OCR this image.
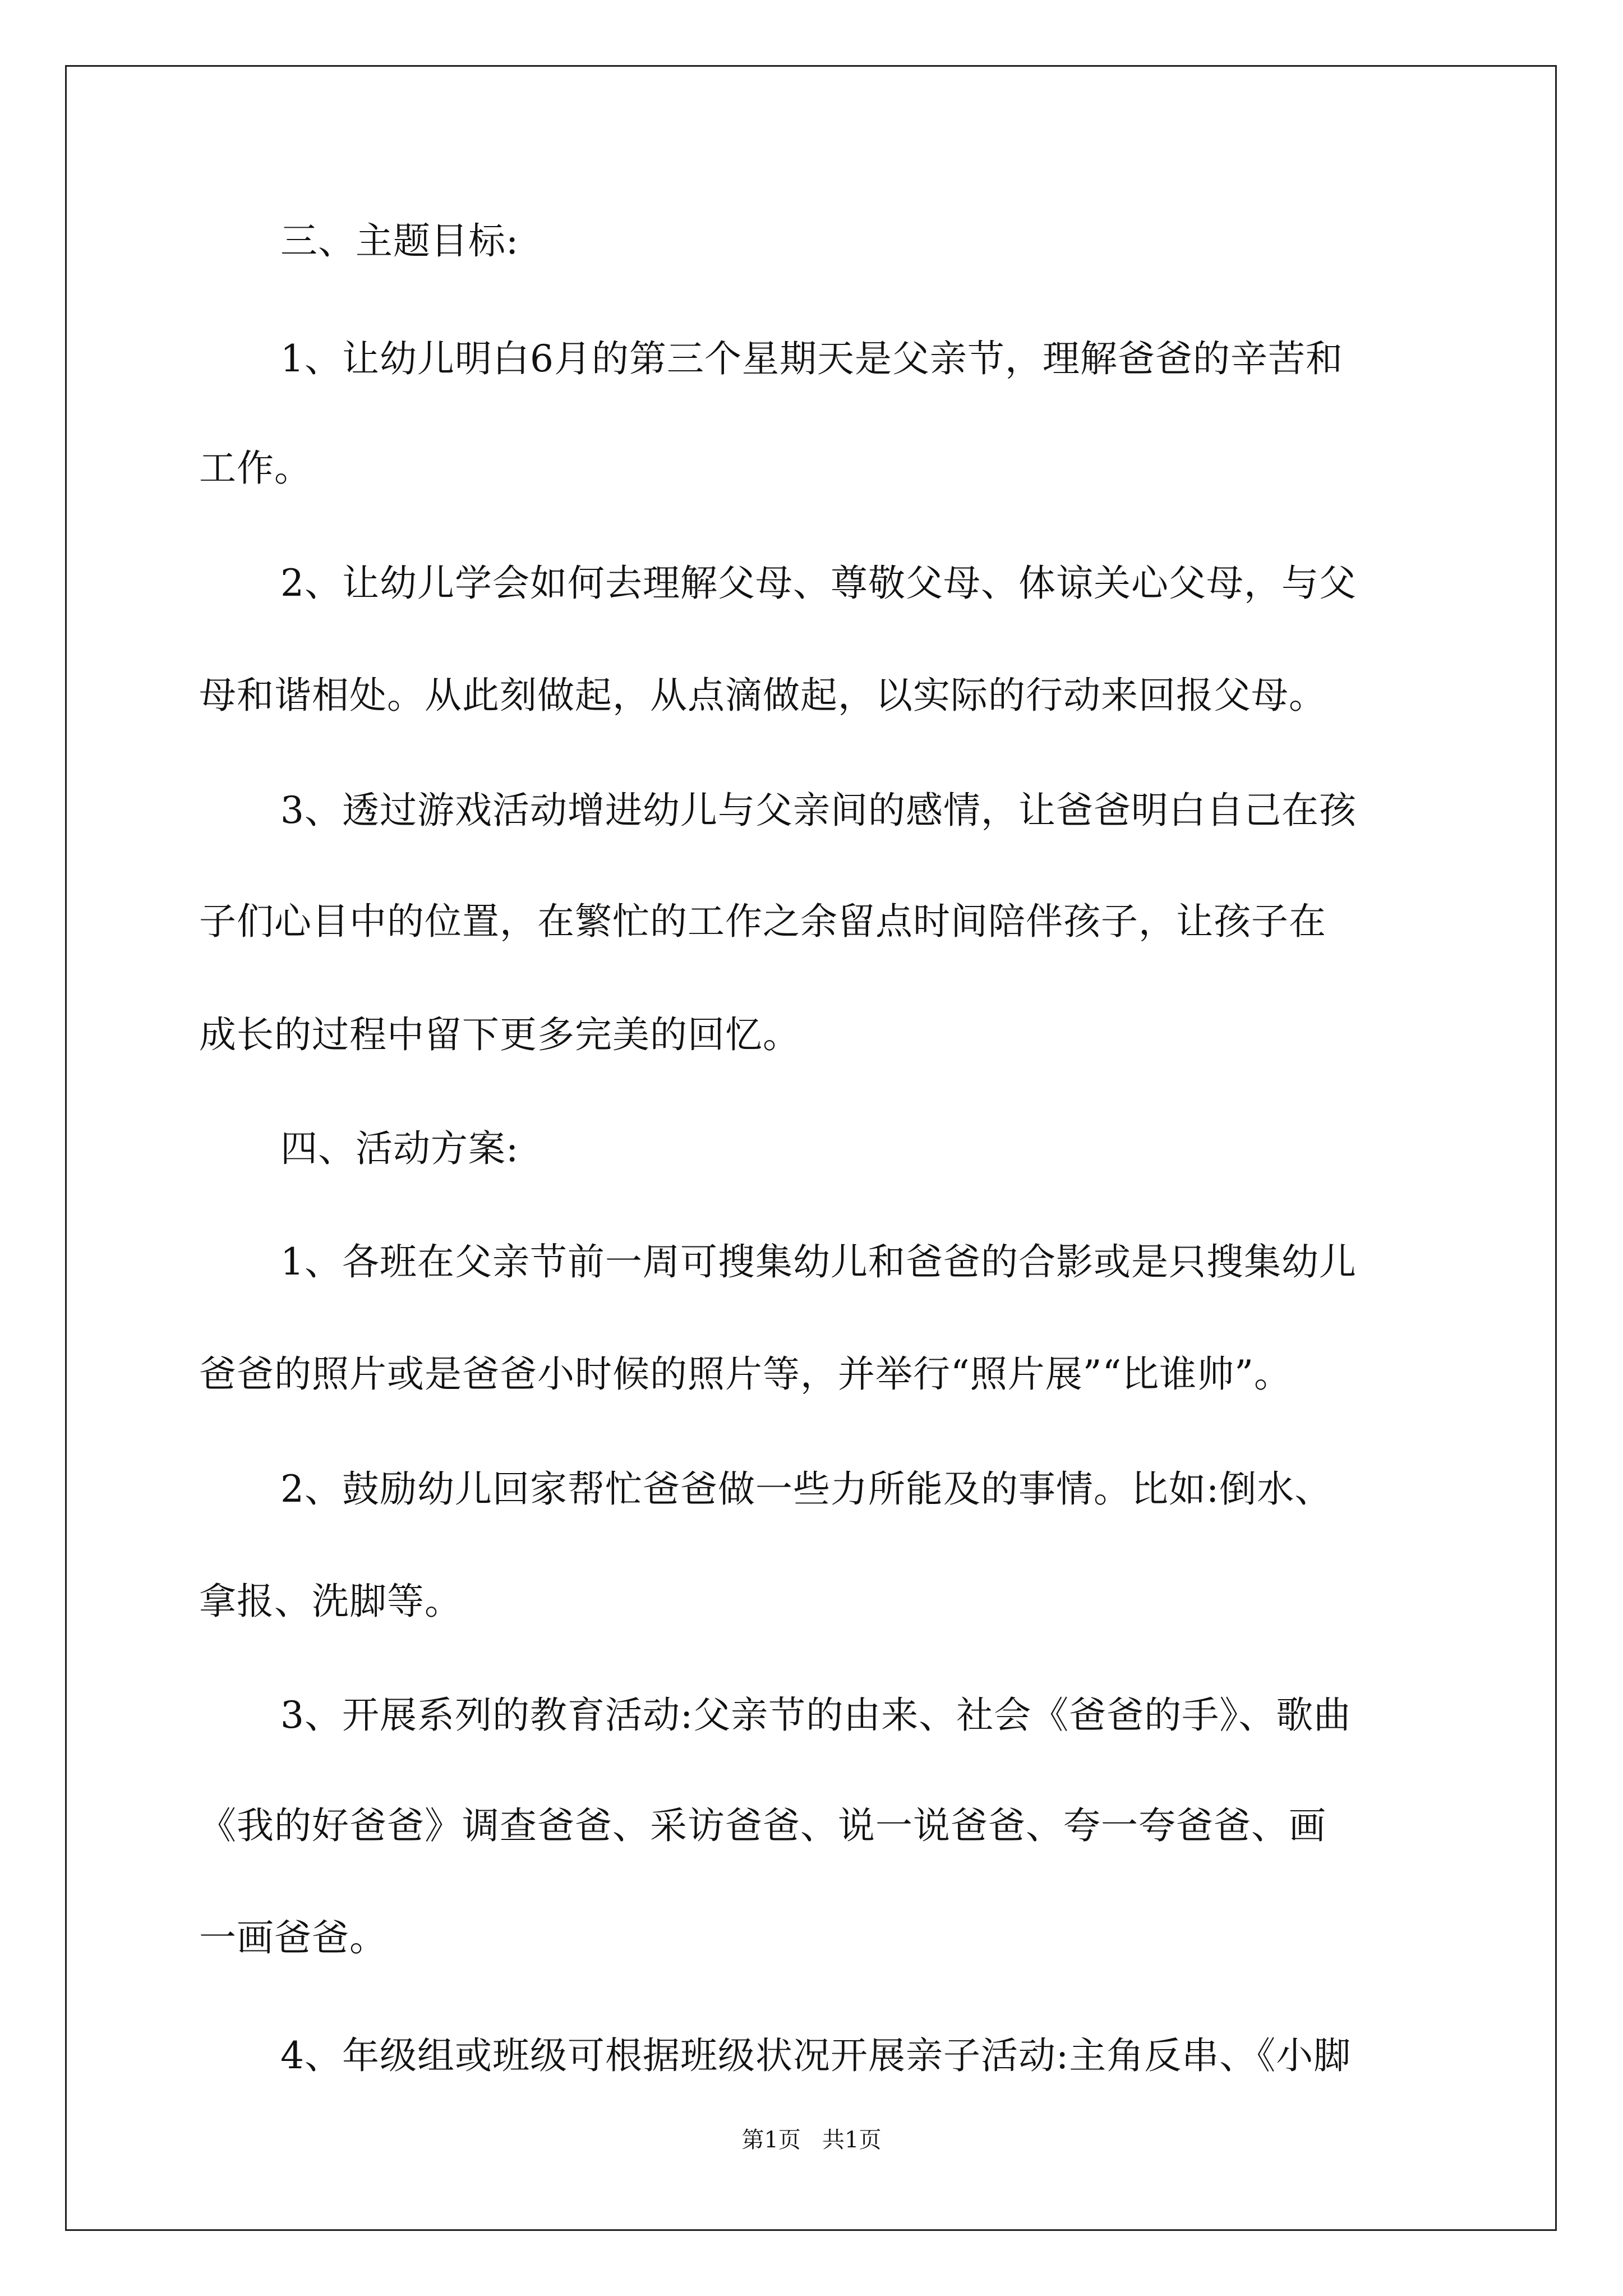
三、主题目标:
1、让幼儿明白6月的第三个星期天是父亲节，理解爸爸的辛苦和
工作。
2、让幼儿学会如何去理解父母、尊敬父母、体谅关心父母，与父
母和谐相处。从此刻做起，从点滴做起，以实际的行动来回报父母。
3、透过游戏活动增进幼儿与父亲间的感情，让爸爸明白自己在孩
子们心目中的位置，在繁忙的工作之余留点时间陪伴孩子，让孩子在
成长的过程中留下更多完美的回忆。
四、活动方案:
1、各班在父亲节前一周可搜集幼儿和爸爸的合影或是只搜集幼儿
爸爸的照片或是爸爸小时候的照片等，并举行“照片展”“比谁帅”。
2、鼓励幼儿回家帮忙爸爸做一些力所能及的事情。比如:倒水、
拿报、洗脚等。
3、开展系列的教育活动:父亲节的由来、社会《爸爸的手》、歌曲
《我的好爸爸》调查爸爸、采访爸爸、说一说爸爸、夸一夸爸爸、画
一画爸爸。
4、年级组或班级可根据班级状况开展亲子活动:主角反串、《小脚
第1页   共1页
